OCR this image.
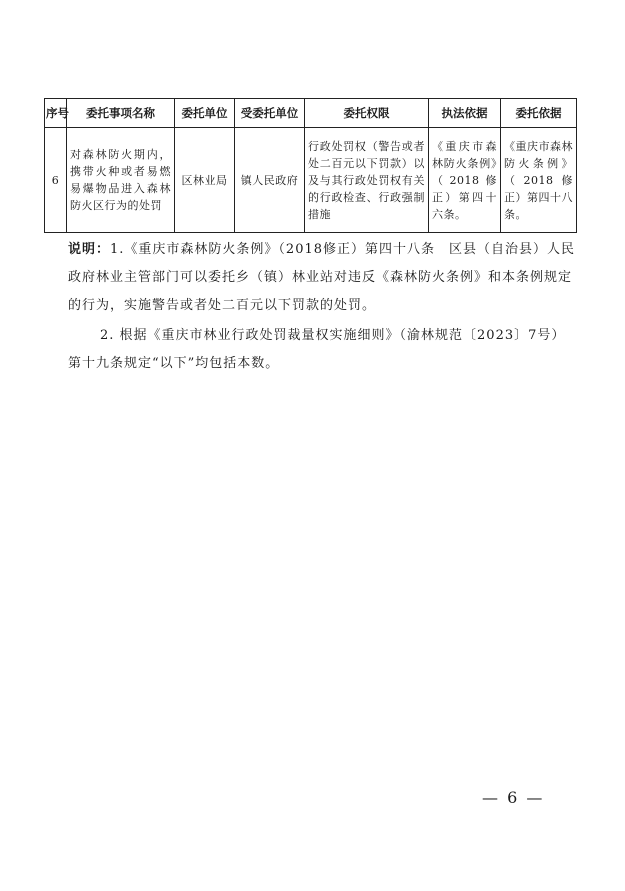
序号	委托事项名称	委托单位	受委托单位	委托权限	执法依据	委托依据
6	对森林防火期内，携带火种或者易燃易爆物品进入森林防火区行为的处罚	区林业局	镇人民政府	行政处罚权（警告或者处二百元以下罚款）以及与其行政处罚权有关的行政检查、行政强制措施	《重庆市森林防火条例》（2018修正）第四十六条。	《重庆市森林防火条例》（2018修正）第四十八条。

说明：1.《重庆市森林防火条例》（2018修正）第四十八条　区县（自治县）人民政府林业主管部门可以委托乡（镇）林业站对违反《森林防火条例》和本条例规定的行为，实施警告或者处二百元以下罚款的处罚。

2. 根据《重庆市林业行政处罚裁量权实施细则》（渝林规范〔2023〕7号）第十九条规定“以下”均包括本数。

— 6 —
